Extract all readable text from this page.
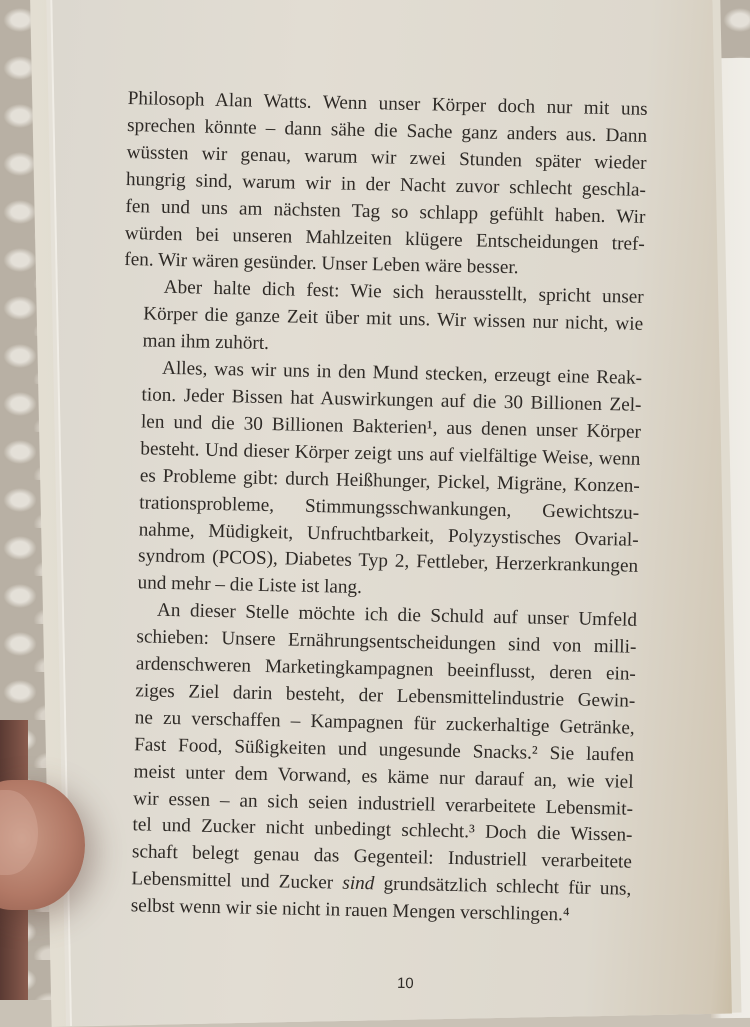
Philosoph Alan Watts. Wenn unser Körper doch nur mit uns
sprechen könnte – dann sähe die Sache ganz anders aus. Dann
wüssten wir genau, warum wir zwei Stunden später wieder
hungrig sind, warum wir in der Nacht zuvor schlecht geschla-
fen und uns am nächsten Tag so schlapp gefühlt haben. Wir
würden bei unseren Mahlzeiten klügere Entscheidungen tref-
fen. Wir wären gesünder. Unser Leben wäre besser.

Aber halte dich fest: Wie sich herausstellt, spricht unser
Körper die ganze Zeit über mit uns. Wir wissen nur nicht, wie
man ihm zuhört.

Alles, was wir uns in den Mund stecken, erzeugt eine Reak-
tion. Jeder Bissen hat Auswirkungen auf die 30 Billionen Zel-
len und die 30 Billionen Bakterien¹, aus denen unser Körper
besteht. Und dieser Körper zeigt uns auf vielfältige Weise, wenn
es Probleme gibt: durch Heißhunger, Pickel, Migräne, Konzen-
trationsprobleme, Stimmungsschwankungen, Gewichtszu-
nahme, Müdigkeit, Unfruchtbarkeit, Polyzystisches Ovarial-
syndrom (PCOS), Diabetes Typ 2, Fettleber, Herzerkrankungen
und mehr – die Liste ist lang.

An dieser Stelle möchte ich die Schuld auf unser Umfeld
schieben: Unsere Ernährungsentscheidungen sind von milli-
ardenschweren Marketingkampagnen beeinflusst, deren ein-
ziges Ziel darin besteht, der Lebensmittelindustrie Gewin-
ne zu verschaffen – Kampagnen für zuckerhaltige Getränke,
Fast Food, Süßigkeiten und ungesunde Snacks.² Sie laufen
meist unter dem Vorwand, es käme nur darauf an, wie viel
wir essen – an sich seien industriell verarbeitete Lebensmit-
tel und Zucker nicht unbedingt schlecht.³ Doch die Wissen-
schaft belegt genau das Gegenteil: Industriell verarbeitete
Lebensmittel und Zucker sind grundsätzlich schlecht für uns,
selbst wenn wir sie nicht in rauen Mengen verschlingen.⁴

10
